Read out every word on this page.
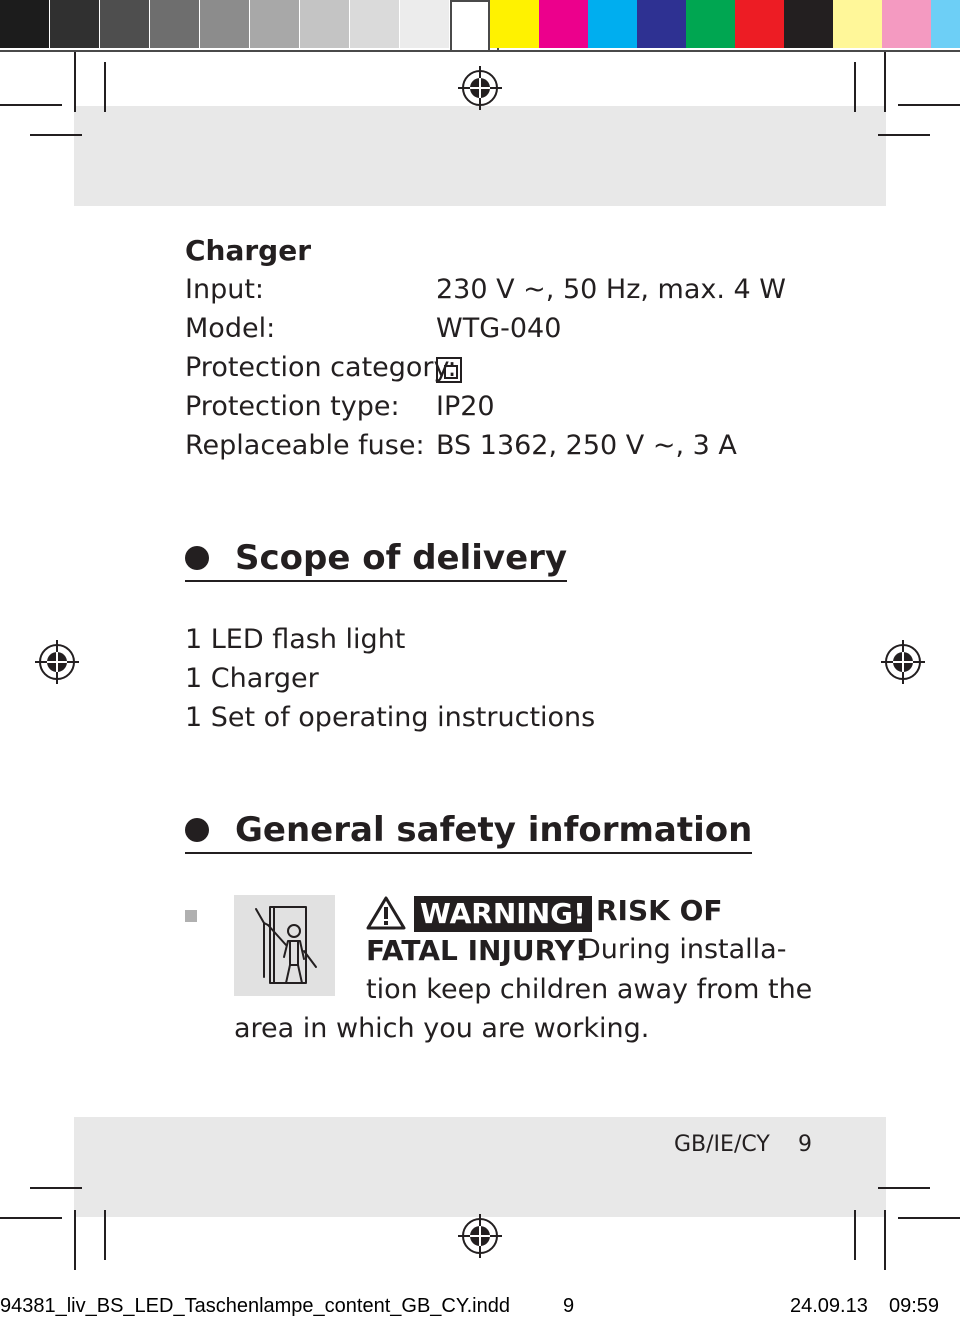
Charger
Input:	230 V ~, 50 Hz, max. 4 W
Model:	WTG-040
Protection category:
Protection type: IP20
Replaceable fuse: BS 1362, 250 V ~, 3 A
Scope of delivery
1 LED flash light
1 Charger
1 Set of operating instructions
General safety information
WARNING! RISK OF
FATAL INJURY!
During installa-
tion keep children away from the
area in which you are working.
GB/IE/CY 9
94381_liv_BS_LED_Taschenlampe_content_GB_CY.indd	9	24.09.13 09:59
